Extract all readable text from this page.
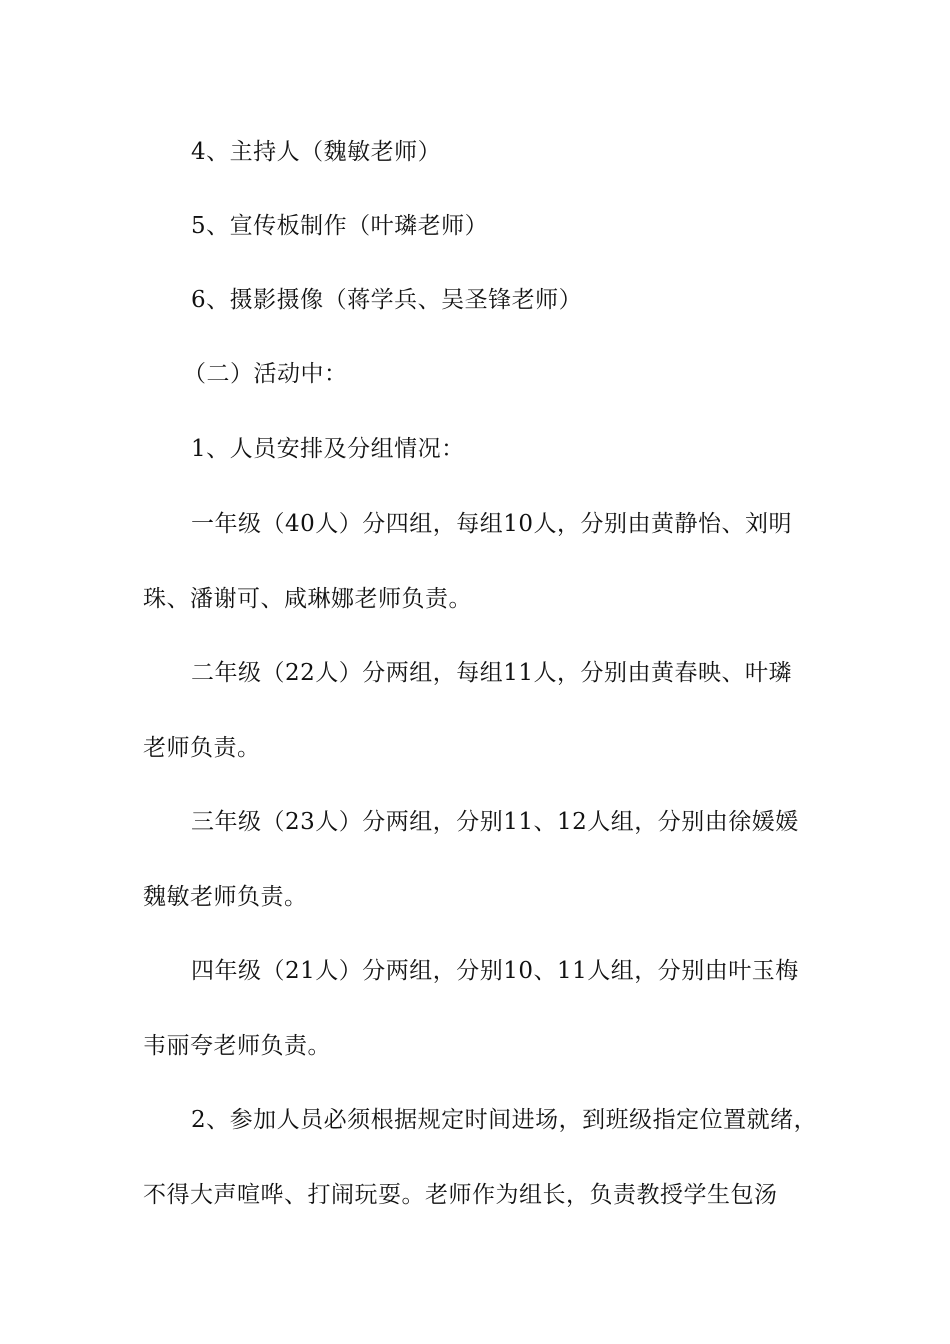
4、主持人（魏敏老师）
5、宣传板制作（叶璘老师）
6、摄影摄像（蒋学兵、吴圣锋老师）
（二）活动中：
1、人员安排及分组情况：
一年级（40人）分四组，每组10人，分别由黄静怡、刘明
珠、潘谢可、咸琳娜老师负责。
二年级（22人）分两组，每组11人，分别由黄春映、叶璘
老师负责。
三年级（23人）分两组，分别11、12人组，分别由徐媛媛
魏敏老师负责。
四年级（21人）分两组，分别10、11人组，分别由叶玉梅
韦丽夸老师负责。
2、参加人员必须根据规定时间进场，到班级指定位置就绪，
不得大声喧哗、打闹玩耍。老师作为组长，负责教授学生包汤
